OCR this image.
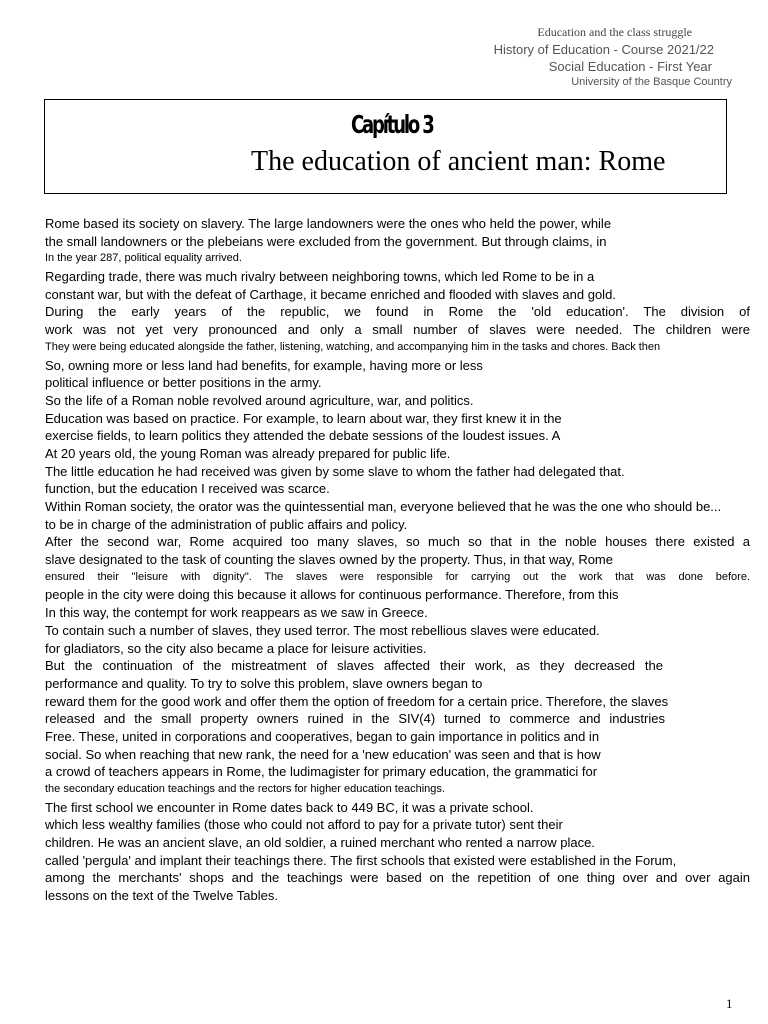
Education and the class struggle
History of Education - Course 2021/22
Social Education - First Year
University of the Basque Country
Capítulo 3
The education of ancient man: Rome
Rome based its society on slavery. The large landowners were the ones who held the power, while
the small landowners or the plebeians were excluded from the government. But through claims, in
In the year 287, political equality arrived.
Regarding trade, there was much rivalry between neighboring towns, which led Rome to be in a
constant war, but with the defeat of Carthage, it became enriched and flooded with slaves and gold.
During the early years of the republic, we found in Rome the 'old education'. The division of
work was not yet very pronounced and only a small number of slaves were needed. The children were
They were being educated alongside the father, listening, watching, and accompanying him in the tasks and chores. Back then
So, owning more or less land had benefits, for example, having more or less
political influence or better positions in the army.
So the life of a Roman noble revolved around agriculture, war, and politics.
Education was based on practice. For example, to learn about war, they first knew it in the
exercise fields, to learn politics they attended the debate sessions of the loudest issues. A
At 20 years old, the young Roman was already prepared for public life.
The little education he had received was given by some slave to whom the father had delegated that.
function, but the education I received was scarce.
Within Roman society, the orator was the quintessential man, everyone believed that he was the one who should be...
to be in charge of the administration of public affairs and policy.
After the second war, Rome acquired too many slaves, so much so that in the noble houses there existed a
slave designated to the task of counting the slaves owned by the property. Thus, in that way, Rome
ensured their "leisure with dignity". The slaves were responsible for carrying out the work that was done before.
people in the city were doing this because it allows for continuous performance. Therefore, from this
In this way, the contempt for work reappears as we saw in Greece.
To contain such a number of slaves, they used terror. The most rebellious slaves were educated.
for gladiators, so the city also became a place for leisure activities.
But the continuation of the mistreatment of slaves affected their work, as they decreased the
performance and quality. To try to solve this problem, slave owners began to
reward them for the good work and offer them the option of freedom for a certain price. Therefore, the slaves
released and the small property owners ruined in the SIV(4) turned to commerce and industries
Free. These, united in corporations and cooperatives, began to gain importance in politics and in
social. So when reaching that new rank, the need for a 'new education' was seen and that is how
a crowd of teachers appears in Rome, the ludimagister for primary education, the grammatici for
the secondary education teachings and the rectors for higher education teachings.
The first school we encounter in Rome dates back to 449 BC, it was a private school.
which less wealthy families (those who could not afford to pay for a private tutor) sent their
children. He was an ancient slave, an old soldier, a ruined merchant who rented a narrow place.
called 'pergula' and implant their teachings there. The first schools that existed were established in the Forum,
among the merchants' shops and the teachings were based on the repetition of one thing over and over again
lessons on the text of the Twelve Tables.
1
